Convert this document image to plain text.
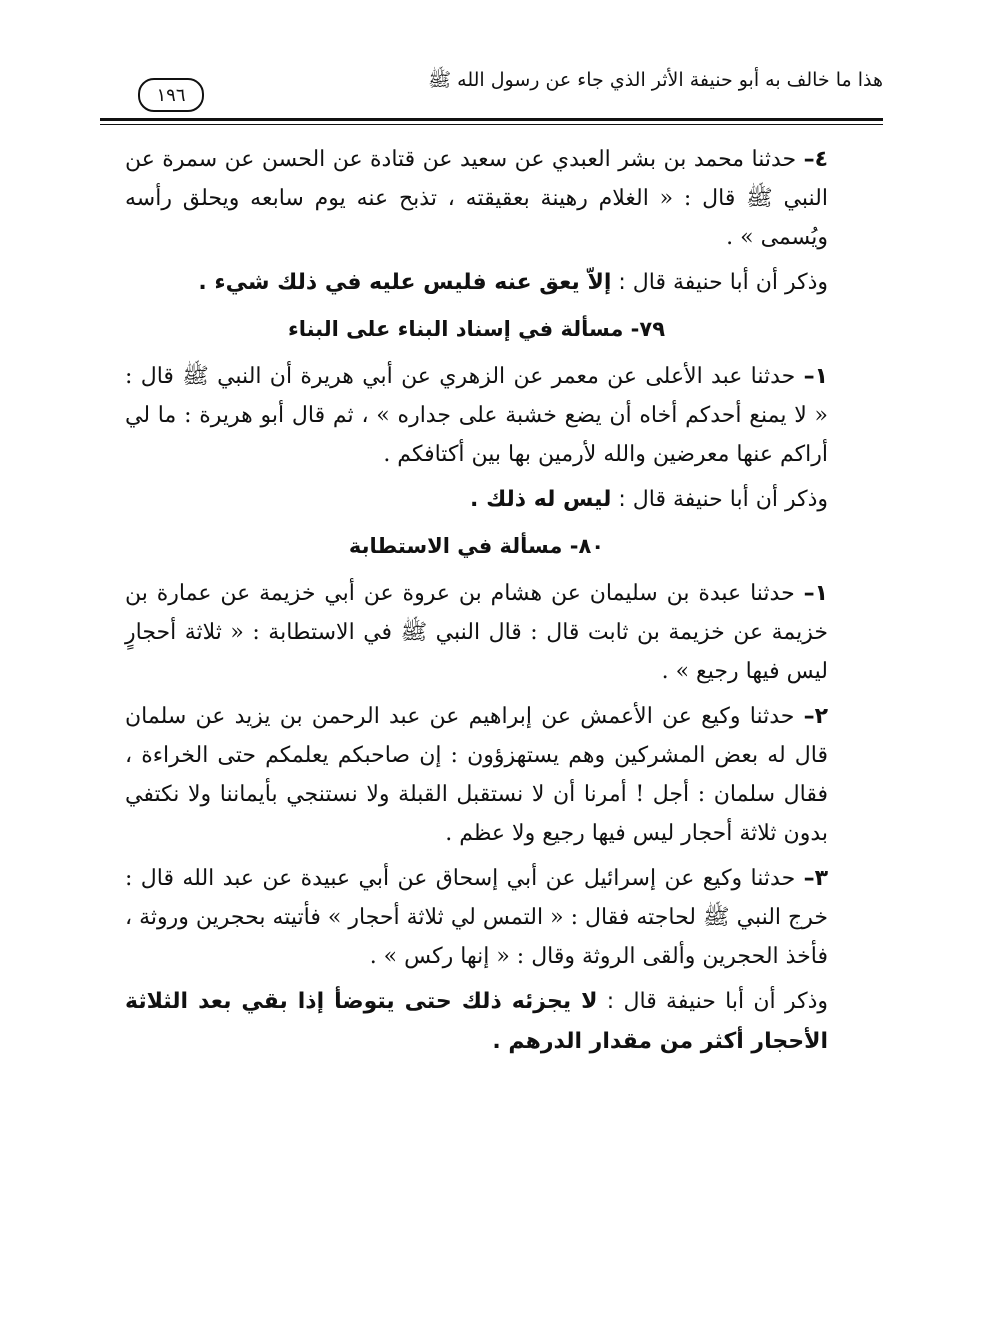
١٩٦
هذا ما خالف به أبو حنيفة الأثر الذي جاء عن رسول الله ﷺ

٤– حدثنا محمد بن بشر العبدي عن سعيد عن قتادة عن الحسن عن سمرة عن النبي ﷺ قال : « الغلام رهينة بعقيقته ، تذبح عنه يوم سابعه ويحلق رأسه ويُسمى » .

وذكر أن أبا حنيفة قال : إلاّ يعق عنه فليس عليه في ذلك شيء .

٧٩- مسألة في إسناد البناء على البناء

١– حدثنا عبد الأعلى عن معمر عن الزهري عن أبي هريرة أن النبي ﷺ قال : « لا يمنع أحدكم أخاه أن يضع خشبة على جداره » ، ثم قال أبو هريرة : ما لي أراكم عنها معرضين والله لأرمين بها بين أكتافكم .

وذكر أن أبا حنيفة قال : ليس له ذلك .

٨٠- مسألة في الاستطابة

١– حدثنا عبدة بن سليمان عن هشام بن عروة عن أبي خزيمة عن عمارة بن خزيمة عن خزيمة بن ثابت قال : قال النبي ﷺ في الاستطابة : « ثلاثة أحجارٍ ليس فيها رجيع » .

٢– حدثنا وكيع عن الأعمش عن إبراهيم عن عبد الرحمن بن يزيد عن سلمان قال له بعض المشركين وهم يستهزؤون : إن صاحبكم يعلمكم حتى الخراءة ، فقال سلمان : أجل ! أمرنا أن لا نستقبل القبلة ولا نستنجي بأيماننا ولا نكتفي بدون ثلاثة أحجار ليس فيها رجيع ولا عظم .

٣– حدثنا وكيع عن إسرائيل عن أبي إسحاق عن أبي عبيدة عن عبد الله قال : خرج النبي ﷺ لحاجته فقال : « التمس لي ثلاثة أحجار » فأتيته بحجرين وروثة ، فأخذ الحجرين وألقى الروثة وقال : « إنها ركس » .

وذكر أن أبا حنيفة قال : لا يجزئه ذلك حتى يتوضأ إذا بقي بعد الثلاثة الأحجار أكثر من مقدار الدرهم .
